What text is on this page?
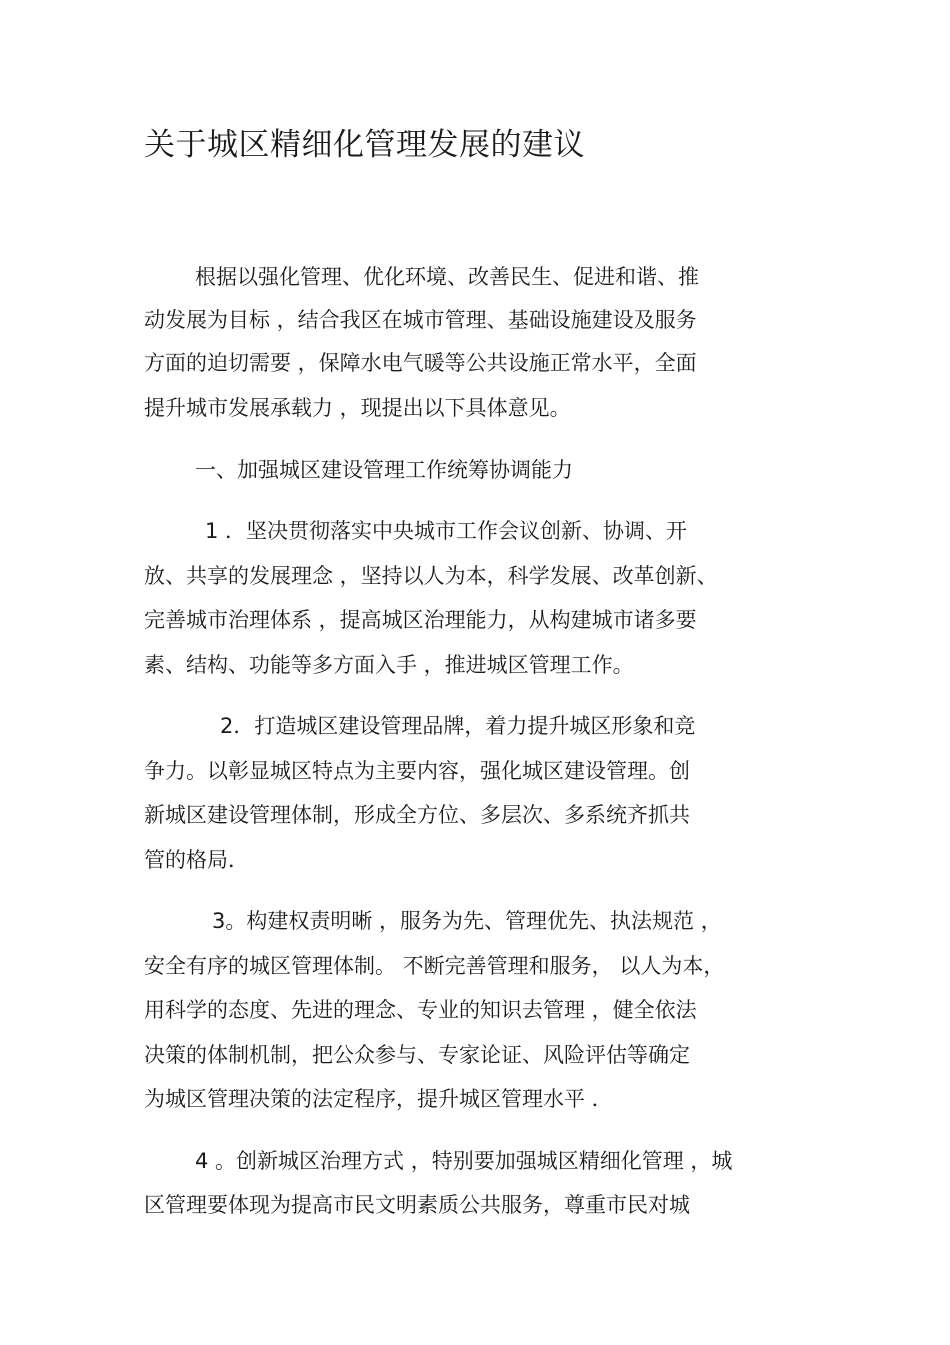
关于城区精细化管理发展的建议
根据以强化管理、优化环境、改善民生、促进和谐、推
动发展为目标 ，结合我区在城市管理、基础设施建设及服务
方面的迫切需要 ，保障水电气暖等公共设施正常水平，全面
提升城市发展承载力 ，现提出以下具体意见。
一、加强城区建设管理工作统筹协调能力
1 ．坚决贯彻落实中央城市工作会议创新、协调、开
放、共享的发展理念 ，坚持以人为本，科学发展、改革创新、
完善城市治理体系 ，提高城区治理能力，从构建城市诸多要
素、结构、功能等多方面入手 ，推进城区管理工作。
2．打造城区建设管理品牌，着力提升城区形象和竞
争力。以彰显城区特点为主要内容，强化城区建设管理。创
新城区建设管理体制，形成全方位、多层次、多系统齐抓共
管的格局．
3。构建权责明晰 ，服务为先、管理优先、执法规范 ，
安全有序的城区管理体制。 不断完善管理和服务， 以人为本，
用科学的态度、先进的理念、专业的知识去管理 ，健全依法
决策的体制机制，把公众参与、专家论证、风险评估等确定
为城区管理决策的法定程序，提升城区管理水平 ．
4 。创新城区治理方式 ，特别要加强城区精细化管理 ，城
区管理要体现为提高市民文明素质公共服务，尊重市民对城
